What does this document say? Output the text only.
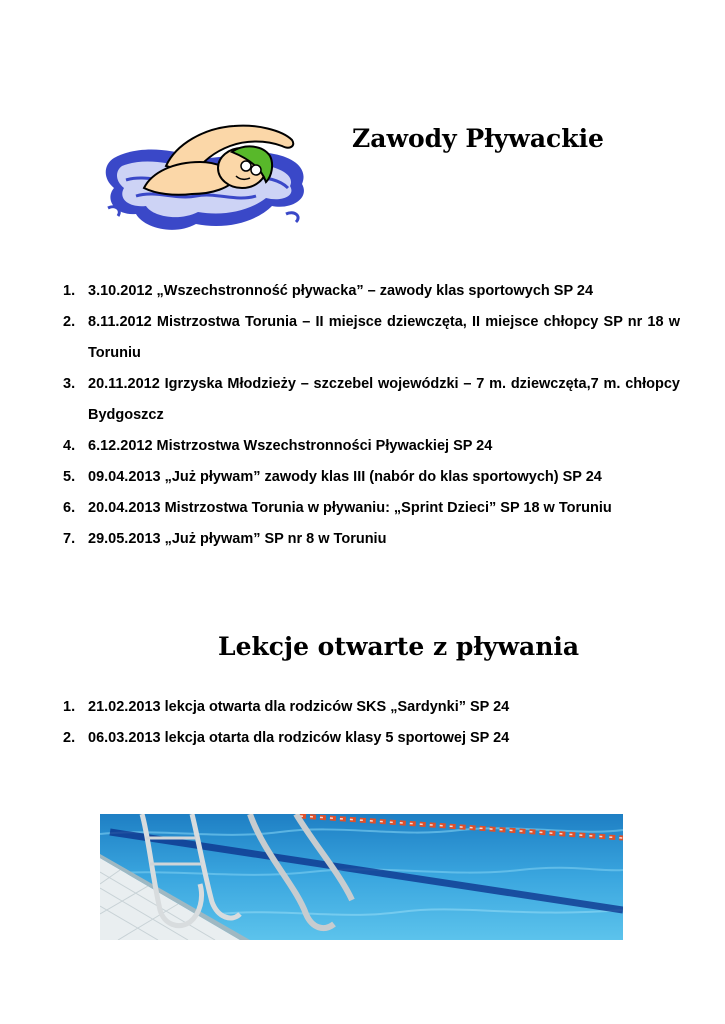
Zawody Pływackie
1. 3.10.2012 „Wszechstronność pływacka” – zawody klas sportowych SP 24
2. 8.11.2012 Mistrzostwa Torunia – II miejsce dziewczęta, II miejsce chłopcy SP nr 18 w Toruniu
3. 20.11.2012 Igrzyska Młodzieży – szczebel wojewódzki – 7 m. dziewczęta,7 m. chłopcy Bydgoszcz
4. 6.12.2012 Mistrzostwa Wszechstronności Pływackiej SP 24
5. 09.04.2013 „Już pływam” zawody klas III (nabór do klas sportowych) SP 24
6. 20.04.2013 Mistrzostwa Torunia w pływaniu: „Sprint Dzieci” SP 18 w Toruniu
7. 29.05.2013 „Już pływam” SP nr 8 w Toruniu
Lekcje otwarte z pływania
1. 21.02.2013 lekcja otwarta dla rodziców SKS „Sardynki” SP 24
2. 06.03.2013 lekcja otarta dla rodziców klasy 5 sportowej SP 24
